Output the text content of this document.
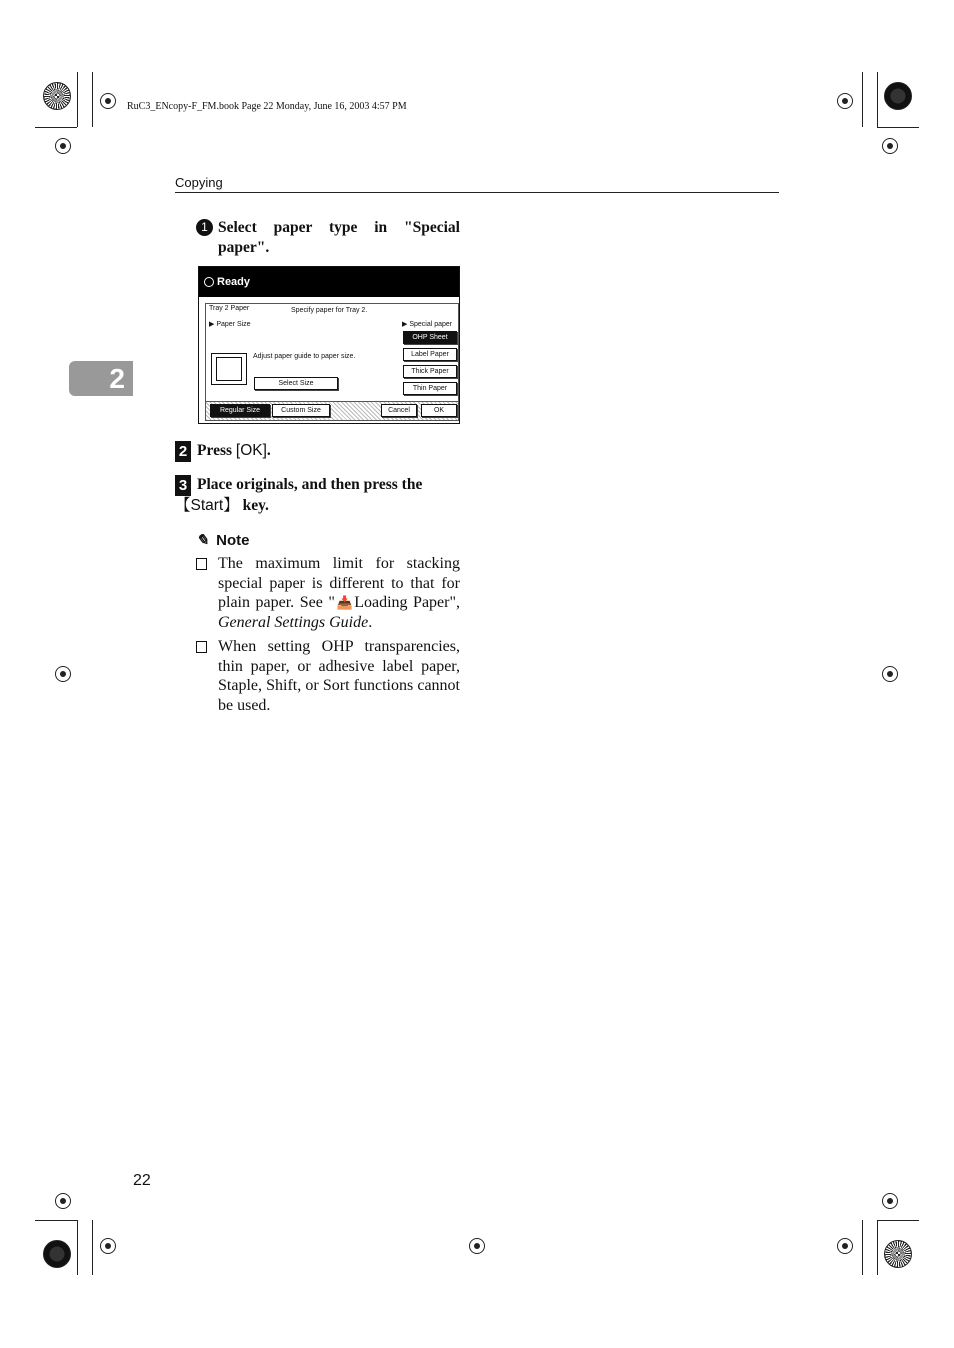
RuC3_ENcopy-F_FM.book Page 22 Monday, June 16, 2003 4:57 PM
Copying
2
1 Select paper type in "Special paper".
Ready
Tray 2 Paper	Specify paper for Tray 2.
▶ Paper Size	▶ Special paper
Adjust paper guide to paper size.
Select Size
OHP Sheet
Label Paper
Thick Paper
Thin Paper
Regular Size	Custom Size	Cancel	OK
2 Press [OK].
3 Place originals, and then press the 【Start】 key.
✎ Note
The maximum limit for stacking special paper is different to that for plain paper. See "📥Loading Paper", General Settings Guide.
When setting OHP transparencies, thin paper, or adhesive label paper, Staple, Shift, or Sort functions cannot be used.
22
